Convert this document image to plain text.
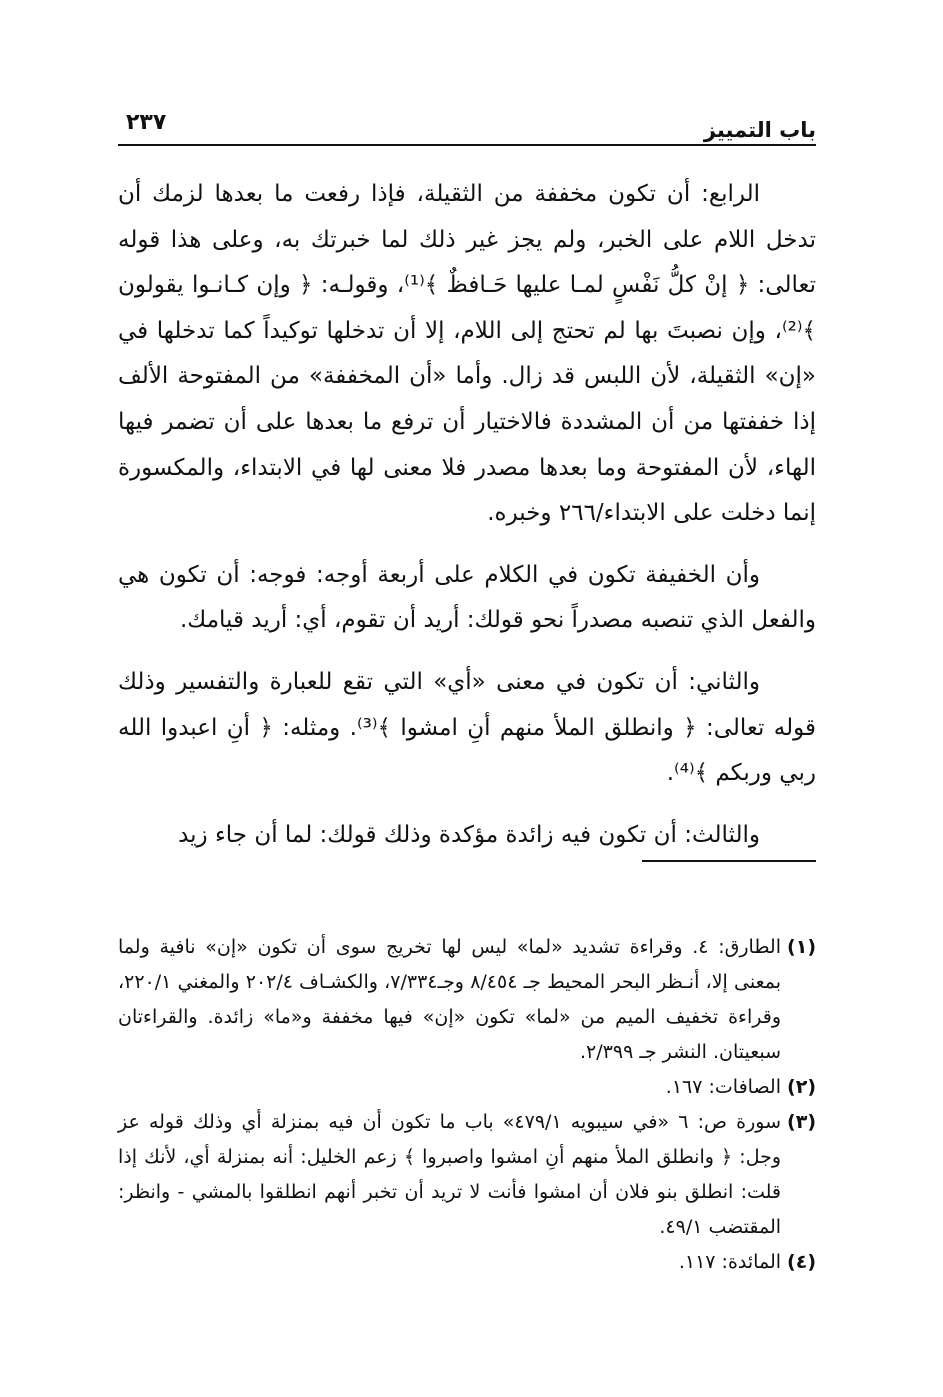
باب التمييز
٢٣٧

الرابع: أن تكون مخففة من الثقيلة، فإذا رفعت ما بعدها لزمك أن تدخل اللام على الخبر، ولم يجز غير ذلك لما خبرتك به، وعلى هذا قوله تعالى: ﴿ إنْ كلُّ نَفْسٍ لمـا عليها حَـافظٌ ﴾⁽¹⁾، وقولـه: ﴿ وإن كـانـوا يقولون ﴾⁽²⁾، وإن نصبتَ بها لم تحتج إلى اللام، إلا أن تدخلها توكيداً كما تدخلها في «إن» الثقيلة، لأن اللبس قد زال. وأما «أن المخففة» من المفتوحة الألف إذا خففتها من أن المشددة فالاختيار أن ترفع ما بعدها على أن تضمر فيها الهاء، لأن المفتوحة وما بعدها مصدر فلا معنى لها في الابتداء، والمكسورة إنما دخلت على الابتداء/٢٦٦ وخبره.

وأن الخفيفة تكون في الكلام على أربعة أوجه: فوجه: أن تكون هي والفعل الذي تنصبه مصدراً نحو قولك: أريد أن تقوم، أي: أريد قيامك.

والثاني: أن تكون في معنى «أي» التي تقع للعبارة والتفسير وذلك قوله تعالى: ﴿ وانطلق الملأ منهم أنِ امشوا ﴾⁽³⁾. ومثله: ﴿ أنِ اعبدوا الله ربي وربكم ﴾⁽⁴⁾.

والثالث: أن تكون فيه زائدة مؤكدة وذلك قولك: لما أن جاء زيد

(١)
الطارق: ٤. وقراءة تشديد «لما» ليس لها تخريج سوى أن تكون «إن» نافية ولما بمعنى إلا، أنـظر البحر المحيط جـ ٨/٤٥٤ وجـ٧/٣٣٤، والكشـاف ٢٠٢/٤ والمغني ٢٢٠/١، وقراءة تخفيف الميم من «لما» تكون «إن» فيها مخففة و«ما» زائدة. والقراءتان سبعيتان. النشر جـ ٢/٣٩٩.
(٢)
الصافات: ١٦٧.
(٣)
سورة ص: ٦ «في سيبويه ٤٧٩/١» باب ما تكون أن فيه بمنزلة أي وذلك قوله عز وجل: ﴿ وانطلق الملأ منهم أنِ امشوا واصبروا ﴾ زعم الخليل: أنه بمنزلة أي، لأنك إذا قلت: انطلق بنو فلان أن امشوا فأنت لا تريد أن تخبر أنهم انطلقوا بالمشي - وانظر: المقتضب ٤٩/١.
(٤)
المائدة: ١١٧.
